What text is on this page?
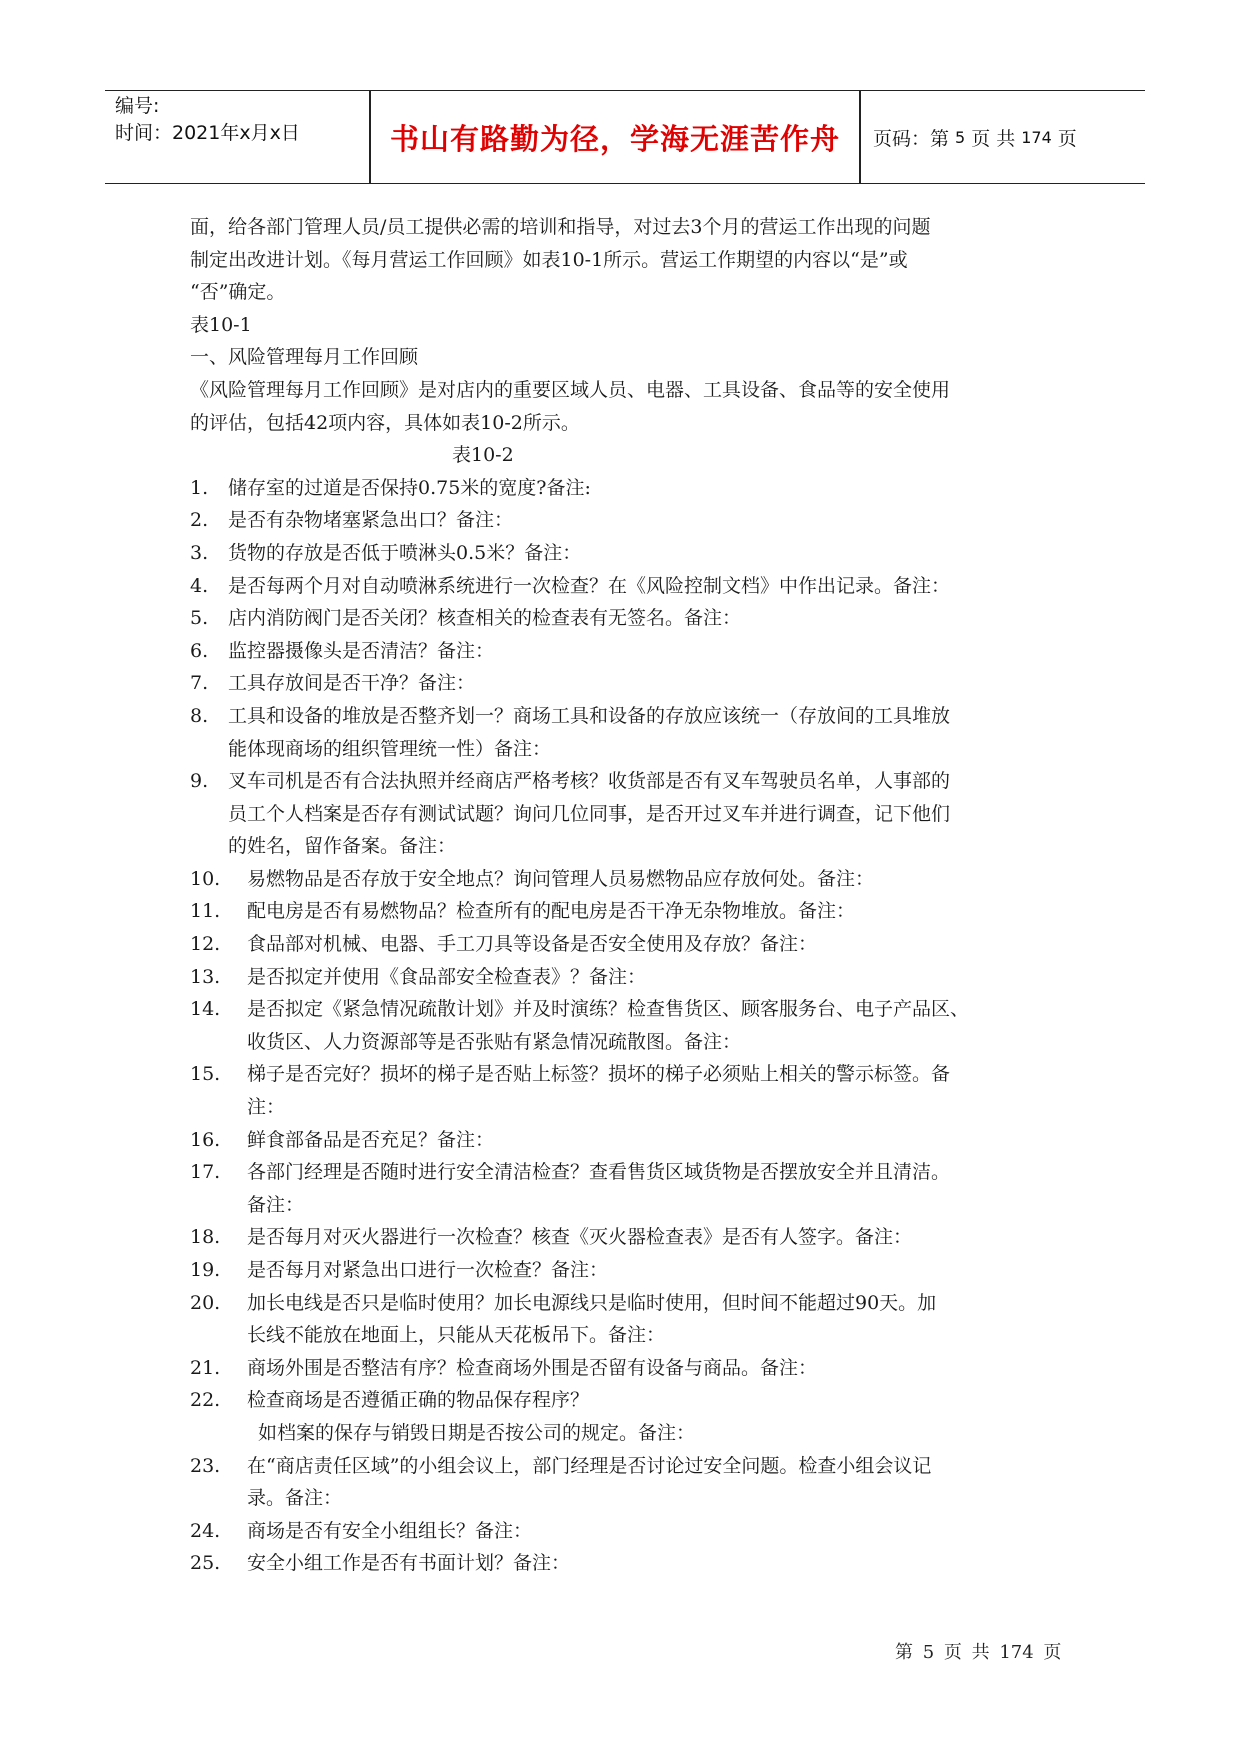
编号:
时间：2021年x月x日	书山有路勤为径，学海无涯苦作舟	页码：第 5 页 共 174 页
面，给各部门管理人员/员工提供必需的培训和指导，对过去3个月的营运工作出现的问题
制定出改进计划。《每月营运工作回顾》如表10-1所示。营运工作期望的内容以“是”或
“否”确定。
表10-1
一、风险管理每月工作回顾
《风险管理每月工作回顾》是对店内的重要区域人员、电器、工具设备、食品等的安全使用
的评估，包括42项内容，具体如表10-2所示。
表10-2
1.	储存室的过道是否保持0.75米的宽度?备注:
2.	是否有杂物堵塞紧急出口？备注：
3.	货物的存放是否低于喷淋头0.5米？备注：
4.	是否每两个月对自动喷淋系统进行一次检查？在《风险控制文档》中作出记录。备注：
5.	店内消防阀门是否关闭？核查相关的检查表有无签名。备注：
6.	监控器摄像头是否清洁？备注：
7.	工具存放间是否干净？备注：
8.	工具和设备的堆放是否整齐划一？商场工具和设备的存放应该统一（存放间的工具堆放
能体现商场的组织管理统一性）备注：
9.	叉车司机是否有合法执照并经商店严格考核？收货部是否有叉车驾驶员名单，人事部的
员工个人档案是否存有测试试题？询问几位同事，是否开过叉车并进行调查，记下他们
的姓名，留作备案。备注：
10.	易燃物品是否存放于安全地点？询问管理人员易燃物品应存放何处。备注：
11.	配电房是否有易燃物品？检查所有的配电房是否干净无杂物堆放。备注：
12.	食品部对机械、电器、手工刀具等设备是否安全使用及存放？备注：
13.	是否拟定并使用《食品部安全检查表》？备注：
14.	是否拟定《紧急情况疏散计划》并及时演练？检查售货区、顾客服务台、电子产品区、
收货区、人力资源部等是否张贴有紧急情况疏散图。备注：
15.	梯子是否完好？损坏的梯子是否贴上标签？损坏的梯子必须贴上相关的警示标签。备
注：
16.	鲜食部备品是否充足？备注：
17.	各部门经理是否随时进行安全清洁检查？查看售货区域货物是否摆放安全并且清洁。
备注：
18.	是否每月对灭火器进行一次检查？核查《灭火器检查表》是否有人签字。备注：
19.	是否每月对紧急出口进行一次检查？备注：
20.	加长电线是否只是临时使用？加长电源线只是临时使用，但时间不能超过90天。加
长线不能放在地面上，只能从天花板吊下。备注：
21.	商场外围是否整洁有序？检查商场外围是否留有设备与商品。备注：
22.	检查商场是否遵循正确的物品保存程序？
如档案的保存与销毁日期是否按公司的规定。备注：
23.	在“商店责任区域”的小组会议上，部门经理是否讨论过安全问题。检查小组会议记
录。备注：
24.	商场是否有安全小组组长？备注：
25.	安全小组工作是否有书面计划？备注：
第 5 页 共 174 页
